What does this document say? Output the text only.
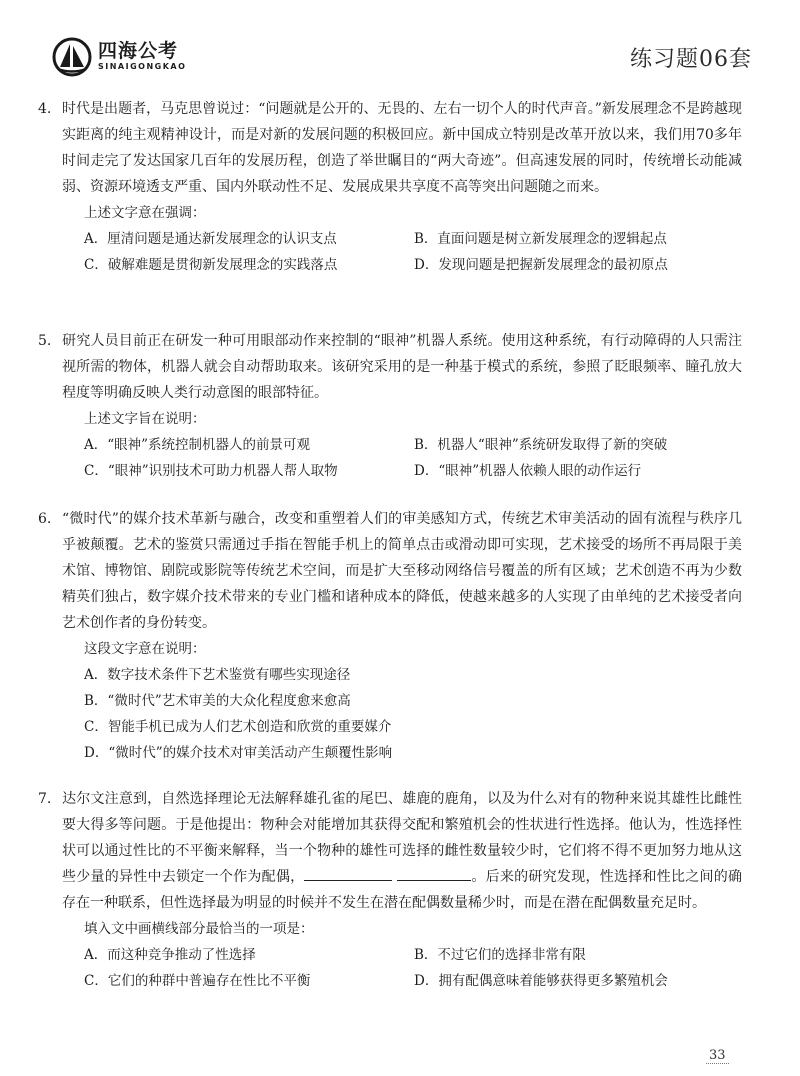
四海公考
SINAIGONGKAO	练习题06套

4. 时代是出题者，马克思曾说过：“问题就是公开的、无畏的、左右一切个人的时代声音。”新发展理念不是跨越现实距离的纯主观精神设计，而是对新的发展问题的积极回应。新中国成立特别是改革开放以来，我们用70多年时间走完了发达国家几百年的发展历程，创造了举世瞩目的“两大奇迹”。但高速发展的同时，传统增长动能减弱、资源环境透支严重、国内外联动性不足、发展成果共享度不高等突出问题随之而来。

上述文字意在强调：

A．厘清问题是通达新发展理念的认识支点	B．直面问题是树立新发展理念的逻辑起点
C．破解难题是贯彻新发展理念的实践落点	D．发现问题是把握新发展理念的最初原点

5. 研究人员目前正在研发一种可用眼部动作来控制的“眼神”机器人系统。使用这种系统，有行动障碍的人只需注视所需的物体，机器人就会自动帮助取来。该研究采用的是一种基于模式的系统，参照了眨眼频率、瞳孔放大程度等明确反映人类行动意图的眼部特征。

上述文字旨在说明：

A．“眼神”系统控制机器人的前景可观	B．机器人“眼神”系统研发取得了新的突破
C．“眼神”识别技术可助力机器人帮人取物	D．“眼神”机器人依赖人眼的动作运行

6. “微时代”的媒介技术革新与融合，改变和重塑着人们的审美感知方式，传统艺术审美活动的固有流程与秩序几乎被颠覆。艺术的鉴赏只需通过手指在智能手机上的简单点击或滑动即可实现，艺术接受的场所不再局限于美术馆、博物馆、剧院或影院等传统艺术空间，而是扩大至移动网络信号覆盖的所有区域；艺术创造不再为少数精英们独占，数字媒介技术带来的专业门槛和诸种成本的降低，使越来越多的人实现了由单纯的艺术接受者向艺术创作者的身份转变。

这段文字意在说明：

A．数字技术条件下艺术鉴赏有哪些实现途径
B．“微时代”艺术审美的大众化程度愈来愈高
C．智能手机已成为人们艺术创造和欣赏的重要媒介
D．“微时代”的媒介技术对审美活动产生颠覆性影响

7. 达尔文注意到，自然选择理论无法解释雄孔雀的尾巴、雄鹿的鹿角，以及为什么对有的物种来说其雄性比雌性要大得多等问题。于是他提出：物种会对能增加其获得交配和繁殖机会的性状进行性选择。他认为，性选择性状可以通过性比的不平衡来解释，当一个物种的雄性可选择的雌性数量较少时，它们将不得不更加努力地从这些少量的异性中去锁定一个作为配偶，	。后来的研究发现，性选择和性比之间的确存在一种联系，但性选择最为明显的时候并不发生在潜在配偶数量稀少时，而是在潜在配偶数量充足时。

填入文中画横线部分最恰当的一项是：

A．而这种竞争推动了性选择	B．不过它们的选择非常有限
C．它们的种群中普遍存在性比不平衡	D．拥有配偶意味着能够获得更多繁殖机会
33
